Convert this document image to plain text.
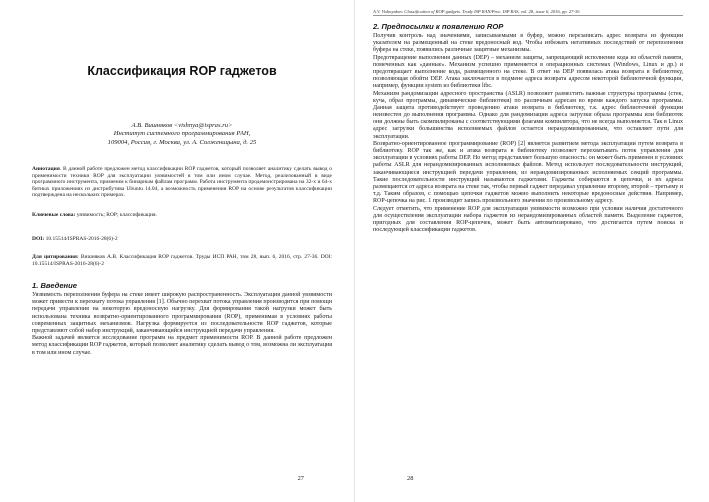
Классификация ROP гаджетов
А.В. Вишняков <vishnya@ispras.ru>
Институт системного программирования РАН,
109004, Россия, г. Москва, ул. А. Солженицына, д. 25
Аннотация. В данной работе предложен метод классификации ROP гаджетов, который позволяет аналитику сделать вывод о применимости техники ROP для эксплуатации уязвимостей в том или ином случае. Метод, реализованный в виде программного инструмента, применим к бинарным файлам программ. Работа инструмента продемонстрирована на 32-х и 64-х битных приложениях из дистрибутива Ubuntu 14.04, а возможность применения ROP на основе результатов классификации подтверждена на нескольких примерах.
Ключевые слова: уязвимость; ROP; классификация.
DOI: 10.15514/ISPRAS-2016-28(6)-2
Для цитирования: Вишняков А.В. Классификация ROP гаджетов. Труды ИСП РАН, том 28, вып. 6, 2016, стр. 27-36. DOI: 10.15514/ISPRAS-2016-28(6)-2
1. Введение

Уязвимость переполнения буфера на стеке имеет широкую распространенность. Эксплуатация данной уязвимости может привести к перехвату потока управления [1]. Обычно перехват потока управления производится при помощи передачи управления на некоторую вредоносную нагрузку. Для формирования такой нагрузки может быть использована техника возвратно-ориентированного программирования (ROP), применимая в условиях работы современных защитных механизмов. Нагрузка формируется из последовательности ROP гаджетов, которые представляют собой набор инструкций, заканчивающийся инструкцией передачи управления.

Важной задачей является исследование программ на предмет применимости ROP. В данной работе предложен метод классификации ROP гаджетов, который позволяет аналитику сделать вывод о том, возможна ли эксплуатация в том или ином случае.

27
A.V. Vishnyakov. Classification of ROP gadgets. Trudy ISP RAN/Proc. ISP RAS, vol. 28, issue 6, 2016, pp. 27-36
2. Предпосылки к появлению ROP

Получив контроль над значениями, записываемыми в буфер, можно перезаписать адрес возврата из функции указателем на размещенный на стеке вредоносный код. Чтобы избежать негативных последствий от переполнения буфера на стеке, появились различные защитные механизмы.

Предотвращение выполнения данных (DEP) – механизм защиты, запрещающий исполнение кода из областей памяти, помеченных как «данные». Механизм успешно применяется в операционных системах (Windows, Linux и др.) и предотвращает выполнение кода, размещенного на стеке. В ответ на DEP появилась атака возврата в библиотеку, позволяющая обойти DEP. Атака заключается в подмене адреса возврата адресом некоторой библиотечной функции, например, функции system из библиотеки libc.

Механизм рандомизации адресного пространства (ASLR) позволяет разместить важные структуры программы (стек, куча, образ программы, динамические библиотеки) по различным адресам во время каждого запуска программы. Данная защита противодействует проведению атаки возврата в библиотеку, т.к. адрес библиотечной функции неизвестен до выполнения программы. Однако для рандомизации адреса загрузки образа программы или библиотек они должны быть скомпилированы с соответствующими флагами компилятора, что не всегда выполняется. Так в Linux адрес загрузки большинства исполняемых файлов остается нерандомизированным, что оставляет пути для эксплуатации.

Возвратно-ориентированное программирование (ROP) [2] является развитием метода эксплуатации путем возврата в библиотеку. ROP так же, как и атака возврата в библиотеку позволяет перехватывать поток управления для эксплуатации в условиях работы DEP. Но метод представляет большую опасность: он может быть применен в условиях работы ASLR для нерандомизированных исполняемых файлов. Метод использует последовательности инструкций, заканчивающиеся инструкцией передачи управления, из нерандомизированных исполняемых секций программы. Такие последовательности инструкций называются гаджетами. Гаджеты собираются в цепочки, и их адреса размещаются от адреса возврата на стеке так, чтобы первый гаджет передавал управление второму, второй – третьему и т.д. Таким образом, с помощью цепочки гаджетов можно выполнить некоторые вредоносные действия. Например, ROP-цепочка на рис. 1 производит запись произвольного значения по произвольному адресу.

Следует отметить, что применение ROP для эксплуатации уязвимости возможно при условии наличия достаточного для осуществления эксплуатации набора гаджетов из нерандомизированных областей памяти. Выделение гаджетов, пригодных для составления ROP-цепочек, может быть автоматизировано, что достигается путем поиска и последующей классификации гаджетов.

28
